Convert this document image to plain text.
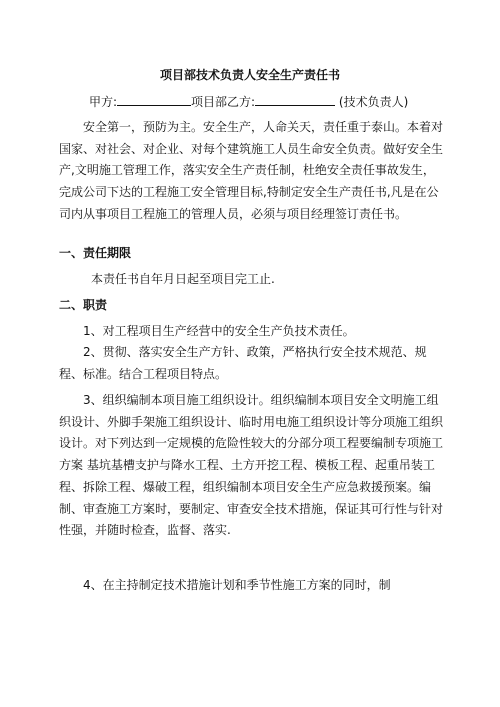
项目部技术负责人安全生产责任书
甲方:	项目部乙方:	(技术负责人)
安全第一，预防为主。安全生产，人命关天，责任重于泰山。本着对国家、对社会、对企业、对每个建筑施工人员生命安全负责。做好安全生产,文明施工管理工作，落实安全生产责任制，杜绝安全责任事故发生，完成公司下达的工程施工安全管理目标,特制定安全生产责任书,凡是在公司内从事项目工程施工的管理人员，必须与项目经理签订责任书。
一、责任期限
本责任书自年月日起至项目完工止.
二、职责
1、对工程项目生产经营中的安全生产负技术责任。
2、贯彻、落实安全生产方针、政策，严格执行安全技术规范、规程、标准。结合工程项目特点。
3、组织编制本项目施工组织设计。组织编制本项目安全文明施工组织设计、外脚手架施工组织设计、临时用电施工组织设计等分项施工组织设计。对下列达到一定规模的危险性较大的分部分项工程要编制专项施工方案 基坑基槽支护与降水工程、土方开挖工程、模板工程、起重吊装工程、拆除工程、爆破工程，组织编制本项目安全生产应急救援预案。编制、审查施工方案时，要制定、审查安全技术措施，保证其可行性与针对性强，并随时检查，监督、落实.
4、在主持制定技术措施计划和季节性施工方案的同时，制
